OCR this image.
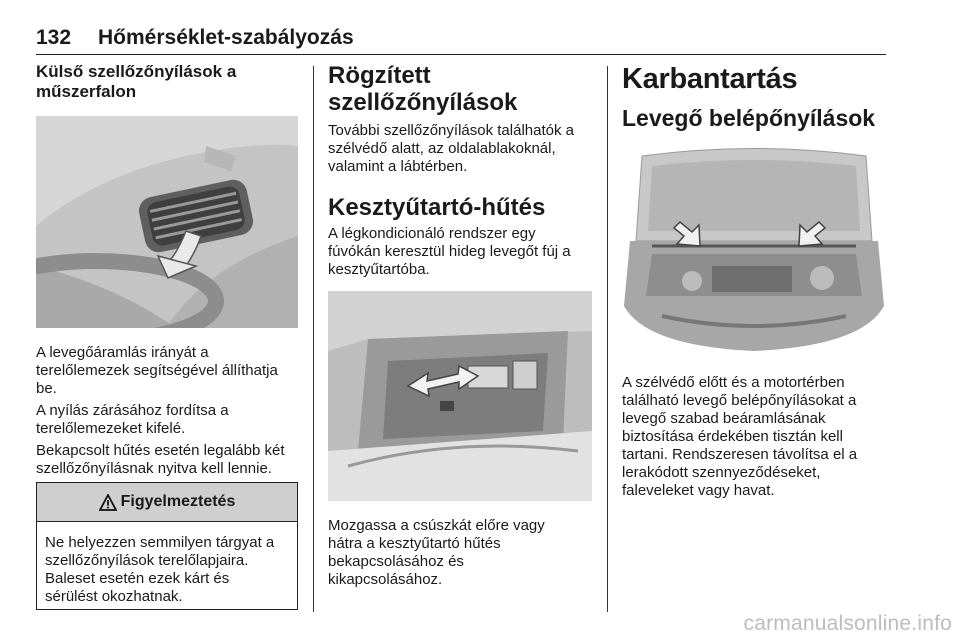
132 Hőmérséklet-szabályozás
Külső szellőzőnyílások a
műszerfalon

A levegőáramlás irányát a
terelőlemezek segítségével állíthatja
be.

A nyílás zárásához fordítsa a
terelőlemezeket kifelé.

Bekapcsolt hűtés esetén legalább két
szellőzőnyílásnak nyitva kell lennie.

Figyelmeztetés
Ne helyezzen semmilyen tárgyat a
szellőzőnyílások terelőlapjaira.
Baleset esetén ezek kárt és
sérülést okozhatnak.
Rögzített szellőzőnyílások

További szellőzőnyílások találhatók a
szélvédő alatt, az oldalablakoknál,
valamint a lábtérben.

Kesztyűtartó-hűtés

A légkondicionáló rendszer egy
fúvókán keresztül hideg levegőt fúj a
kesztyűtartóba.

Mozgassa a csúszkát előre vagy
hátra a kesztyűtartó hűtés
bekapcsolásához és
kikapcsolásához.

Karbantartás
Levegő belépőnyílások

A szélvédő előtt és a motortérben
található levegő belépőnyílásokat a
levegő szabad beáramlásának
biztosítása érdekében tisztán kell
tartani. Rendszeresen távolítsa el a
lerakódott szennyeződéseket,
faleveleket vagy havat.

carmanualsonline.info
